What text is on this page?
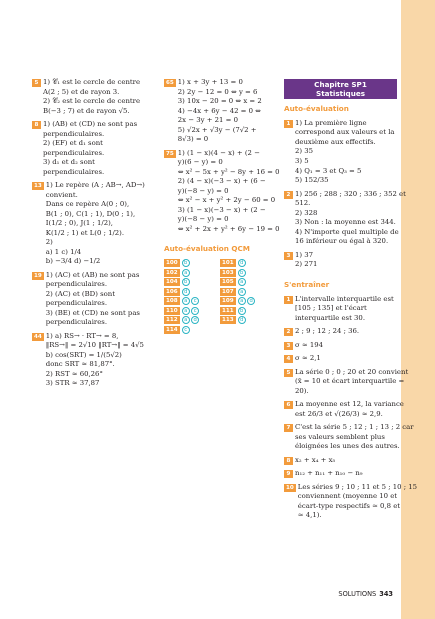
5 1) 𝒞₁ est le cercle de centre
A(2 ; 5) et de rayon 3.
2) 𝒞₂ est le cercle de centre
B(−3 ; 7) et de rayon √5.
8 1) (AB) et (CD) ne sont pas
perpendiculaires.
2) (EF) et d₁ sont
perpendiculaires.
3) d₁ et d₂ sont
perpendiculaires.
13 1) Le repère (A ; AB→, AD→)
convient.
Dans ce repère A(0 ; 0),
B(1 ; 0), C(1 ; 1), D(0 ; 1),
I(1/2 ; 0), J(1 ; 1/2),
K(1/2 ; 1) et L(0 ; 1/2).
2)
a) 1 c) 1/4
b) −3/4 d) −1/2
19 1) (AC) et (AB) ne sont pas
perpendiculaires.
2) (AC) et (BD) sont
perpendiculaires.
3) (BE) et (CD) ne sont pas
perpendiculaires.
44 1) a) RS→ · RT→ = 8,
‖RS→‖ = 2√10 ‖RT→‖ = 4√5
b) cos(SRT) = 1/(5√2)
donc SRT ≈ 81,87°.
2) RST ≈ 60,26°
3) STR ≈ 37,87
65 1) x + 3y + 13 = 0
2) 2y − 12 = 0 ⇔ y = 6
3) 10x − 20 = 0 ⇔ x = 2
4) −4x + 6y − 42 = 0 ⇔
2x − 3y + 21 = 0
5) √2x + √3y − (7√2 +
8√3) = 0
75 1) (1 − x)(4 − x) + (2 −
y)(6 − y) = 0
⇔ x² − 5x + y² − 8y + 16 = 0
2) (4 − x)(−3 − x) + (6 −
y)(−8 − y) = 0
⇔ x² − x + y² + 2y − 60 = 0
3) (1 − x)(−3 − x) + (2 −
y)(−8 − y) = 0
⇔ x² + 2x + y² + 6y − 19 = 0
Auto-évaluation QCM
100	b	101	d
102	a	103	b
104	b	105	a
106	d	107	a
108	a	c	109	a	d
110	a	c	111	b
112	a	d	113	d
114	c
Chapitre SP1
Statistiques
Auto-évaluation
1 1) La première ligne
correspond aux valeurs et la
deuxième aux effectifs.
2) 35
3) 5
4) Q₁ = 3 et Q₃ = 5
5) 152/35
2 1) 256 ; 288 ; 320 ; 336 ; 352 et
512.
2) 328
3) Non : la moyenne est 344.
4) N'importe quel multiple de
16 inférieur ou égal à 320.
3 1) 37
2) 271
S'entraîner
1 L'intervalle interquartile est
[105 ; 135] et l'écart
interquartile est 30.
2 2 ; 9 ; 12 ; 24 ; 36.
3 σ ≈ 194
4 σ ≈ 2,1
5 La série 0 ; 0 ; 20 et 20 convient
(x̄ = 10 et écart interquartile =
20).
6 La moyenne est 12, la variance
est 26/3 et √(26/3) ≈ 2,9.
7 C'est la série 5 ; 12 ; 1 ; 13 ; 2 car
ses valeurs semblent plus
éloignées les unes des autres.
8 x₂ + x₄ + x₅
9 n₁₂ + n₁₁ + n₁₀ − n₉
10 Les séries 9 ; 10 ; 11 et 5 ; 10 ; 15
conviennent (moyenne 10 et
écart-type respectifs ≃ 0,8 et
≃ 4,1).
SOLUTIONS 343
